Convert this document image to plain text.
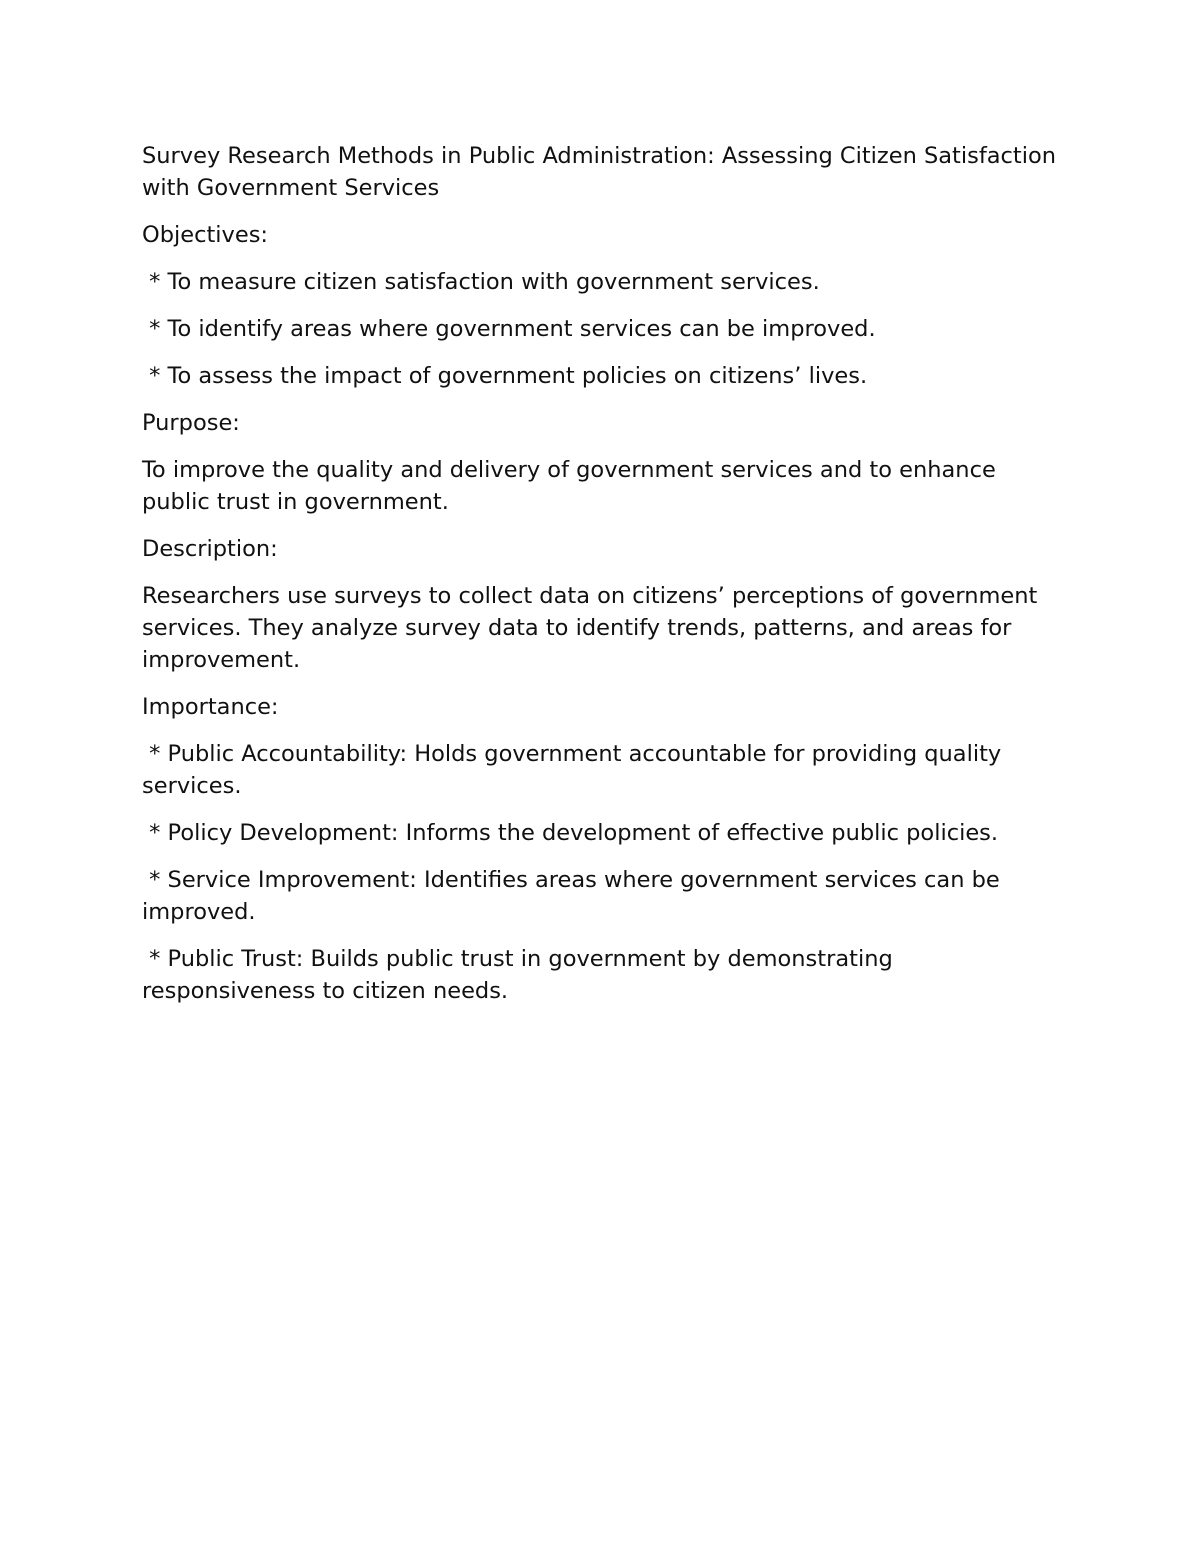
Survey Research Methods in Public Administration: Assessing Citizen Satisfaction with Government Services

Objectives:

* To measure citizen satisfaction with government services.

* To identify areas where government services can be improved.

* To assess the impact of government policies on citizens’ lives.

Purpose:

To improve the quality and delivery of government services and to enhance public trust in government.

Description:

Researchers use surveys to collect data on citizens’ perceptions of government services. They analyze survey data to identify trends, patterns, and areas for improvement.

Importance:

* Public Accountability: Holds government accountable for providing quality services.

* Policy Development: Informs the development of effective public policies.

* Service Improvement: Identifies areas where government services can be improved.

* Public Trust: Builds public trust in government by demonstrating responsiveness to citizen needs.
